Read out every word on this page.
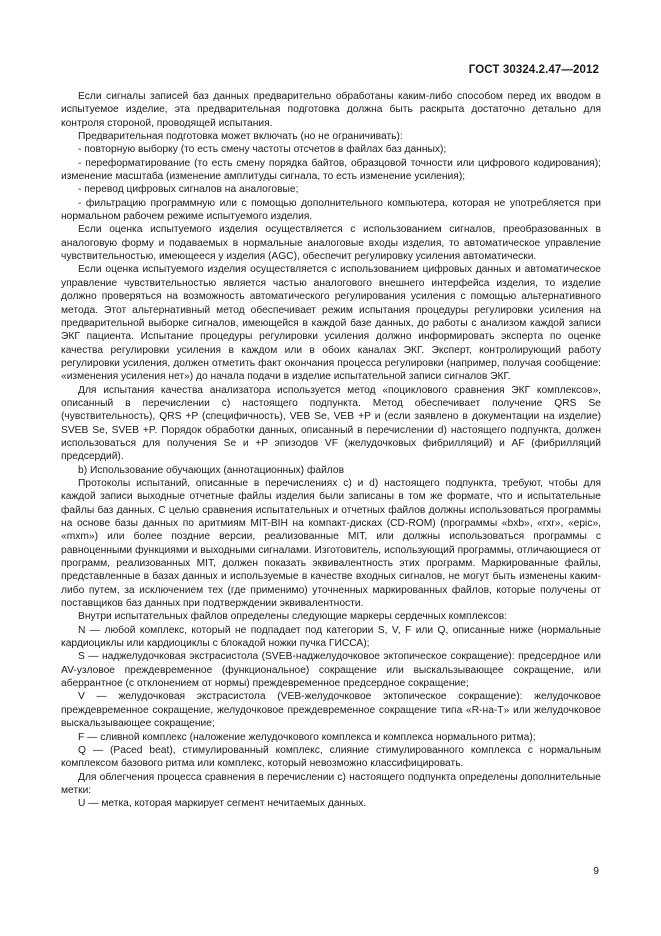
ГОСТ 30324.2.47—2012

Если сигналы записей баз данных предварительно обработаны каким-либо способом перед их вводом в испытуемое изделие, эта предварительная подготовка должна быть раскрыта достаточно детально для контроля стороной, проводящей испытания.

Предварительная подготовка может включать (но не ограничивать):

- повторную выборку (то есть смену частоты отсчетов в файлах баз данных);

- переформатирование (то есть смену порядка байтов, образцовой точности или цифрового кодирования); изменение масштаба (изменение амплитуды сигнала, то есть изменение усиления);

- перевод цифровых сигналов на аналоговые;

- фильтрацию программную или с помощью дополнительного компьютера, которая не употребляется при нормальном рабочем режиме испытуемого изделия.

Если оценка испытуемого изделия осуществляется с использованием сигналов, преобразованных в аналоговую форму и подаваемых в нормальные аналоговые входы изделия, то автоматическое управление чувствительностью, имеющееся у изделия (AGC), обеспечит регулировку усиления автоматически.

Если оценка испытуемого изделия осуществляется с использованием цифровых данных и автоматическое управление чувствительностью является частью аналогового внешнего интерфейса изделия, то изделие должно проверяться на возможность автоматического регулирования усиления с помощью альтернативного метода. Этот альтернативный метод обеспечивает режим испытания процедуры регулировки усиления на предварительной выборке сигналов, имеющейся в каждой базе данных, до работы с анализом каждой записи ЭКГ пациента. Испытание процедуры регулировки усиления должно информировать эксперта по оценке качества регулировки усиления в каждом или в обоих каналах ЭКГ. Эксперт, контролирующий работу регулировки усиления, должен отметить факт окончания процесса регулировки (например, получая сообщение: «изменения усиления нет») до начала подачи в изделие испытательной записи сигналов ЭКГ.

Для испытания качества анализатора используется метод «поциклового сравнения ЭКГ комплексов», описанный в перечислении с) настоящего подпункта. Метод обеспечивает получение QRS Se (чувствительность), QRS +P (специфичность), VEB Se, VEB +P и (если заявлено в документации на изделие) SVEB Se, SVEB +P. Порядок обработки данных, описанный в перечислении d) настоящего подпункта, должен использоваться для получения Se и +P эпизодов VF (желудочковых фибрилляций) и AF (фибрилляций предсердий).

b) Использование обучающих (аннотационных) файлов

Протоколы испытаний, описанные в перечислениях с) и d) настоящего подпункта, требуют, чтобы для каждой записи выходные отчетные файлы изделия были записаны в том же формате, что и испытательные файлы баз данных. С целью сравнения испытательных и отчетных файлов должны использоваться программы на основе базы данных по аритмиям MIT-BIH на компакт-дисках (CD-ROM) (программы «bxb», «rxr», «epic», «mxm») или более поздние версии, реализованные MIT, или должны использоваться программы с равноценными функциями и выходными сигналами. Изготовитель, использующий программы, отличающиеся от программ, реализованных MIT, должен показать эквивалентность этих программ. Маркированные файлы, представленные в базах данных и используемые в качестве входных сигналов, не могут быть изменены каким-либо путем, за исключением тех (где применимо) уточненных маркированных файлов, которые получены от поставщиков баз данных при подтверждении эквивалентности.

Внутри испытательных файлов определены следующие маркеры сердечных комплексов:

N — любой комплекс, который не подпадает под категории S, V, F или Q, описанные ниже (нормальные кардиоциклы или кардиоциклы с блокадой ножки пучка ГИССА);

S — наджелудочковая экстрасистола (SVEB-наджелудочковое эктопическое сокращение): предсердное или AV-узловое преждевременное (функциональное) сокращение или выскальзывающее сокращение, или аберрантное (с отклонением от нормы) преждевременное предсердное сокращение;

V — желудочковая экстрасистола (VEB-желудочковое эктопическое сокращение): желудочковое преждевременное сокращение, желудочковое преждевременное сокращение типа «R-на-T» или желудочковое выскальзывающее сокращение;

F — сливной комплекс (наложение желудочкового комплекса и комплекса нормального ритма);

Q — (Paced beat), стимулированный комплекс, слияние стимулированного комплекса с нормальным комплексом базового ритма или комплекс, который невозможно классифицировать.

Для облегчения процесса сравнения в перечислении с) настоящего подпункта определены дополнительные метки:

U — метка, которая маркирует сегмент нечитаемых данных.

9
